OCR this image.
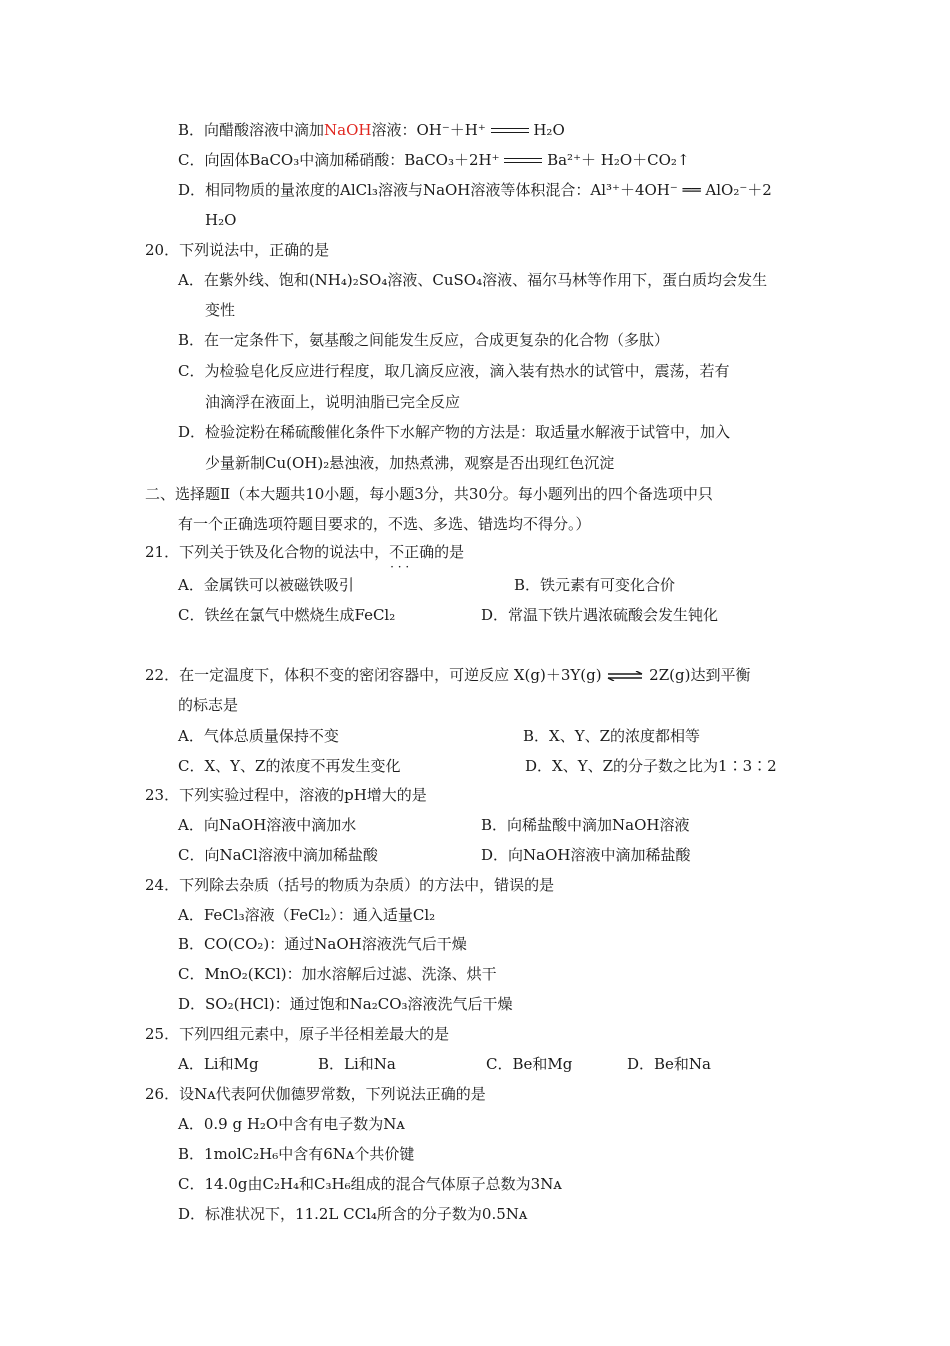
B．向醋酸溶液中滴加NaOH溶液：OH⁻＋H⁺	H₂O
C．向固体BaCO₃中滴加稀硝酸：BaCO₃＋2H⁺	Ba²⁺＋ H₂O＋CO₂↑
D．相同物质的量浓度的AlCl₃溶液与NaOH溶液等体积混合：Al³⁺＋4OH⁻ ══ AlO₂⁻＋2
H₂O
20．下列说法中，正确的是
A．在紫外线、饱和(NH₄)₂SO₄溶液、CuSO₄溶液、福尔马林等作用下，蛋白质均会发生
变性
B．在一定条件下，氨基酸之间能发生反应，合成更复杂的化合物（多肽）
C．为检验皂化反应进行程度，取几滴反应液，滴入装有热水的试管中，震荡，若有
油滴浮在液面上，说明油脂已完全反应
D．检验淀粉在稀硫酸催化条件下水解产物的方法是：取适量水解液于试管中，加入
少量新制Cu(OH)₂悬浊液，加热煮沸，观察是否出现红色沉淀
二、选择题Ⅱ（本大题共10小题，每小题3分，共30分。每小题列出的四个备选项中只
有一个正确选项符题目要求的，不选、多选、错选均不得分。）
21．下列关于铁及化合物的说法中，不正确 · · ·的是
A．金属铁可以被磁铁吸引	B．铁元素有可变化合价
C．铁丝在氯气中燃烧生成FeCl₂	D．常温下铁片遇浓硫酸会发生钝化
22．在一定温度下，体积不变的密闭容器中，可逆反应 X(g)＋3Y(g) ⇌ 2Z(g)达到平衡
的标志是
A．气体总质量保持不变	B．X、Y、Z的浓度都相等
C．X、Y、Z的浓度不再发生变化	D．X、Y、Z的分子数之比为1∶3∶2
23．下列实验过程中，溶液的pH增大的是
A．向NaOH溶液中滴加水	B．向稀盐酸中滴加NaOH溶液
C．向NaCl溶液中滴加稀盐酸	D．向NaOH溶液中滴加稀盐酸
24．下列除去杂质（括号的物质为杂质）的方法中，错误的是
A．FeCl₃溶液（FeCl₂）：通入适量Cl₂
B．CO(CO₂)：通过NaOH溶液洗气后干燥
C．MnO₂(KCl)：加水溶解后过滤、洗涤、烘干
D．SO₂(HCl)：通过饱和Na₂CO₃溶液洗气后干燥
25．下列四组元素中，原子半径相差最大的是
A．Li和Mg	B．Li和Na	C．Be和Mg	D．Be和Na
26．设Nᴀ代表阿伏伽德罗常数，下列说法正确的是
A．0.9 g H₂O中含有电子数为Nᴀ
B．1molC₂H₆中含有6Nᴀ个共价键
C．14.0g由C₂H₄和C₃H₆组成的混合气体原子总数为3Nᴀ
D．标准状况下，11.2L CCl₄所含的分子数为0.5Nᴀ
